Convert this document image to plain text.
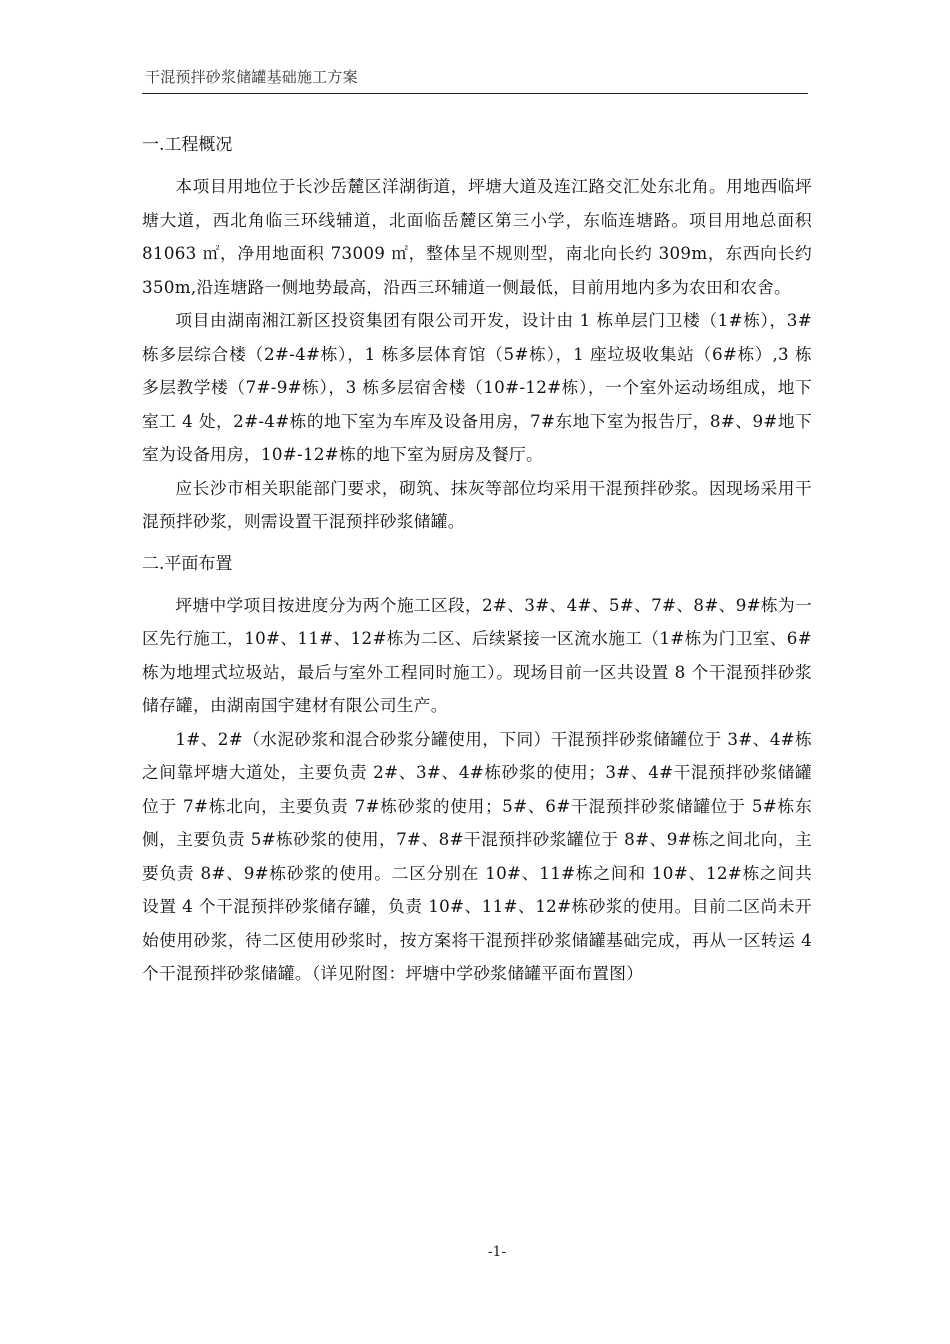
干混预拌砂浆储罐基础施工方案
一.工程概况

本项目用地位于长沙岳麓区洋湖街道，坪塘大道及连江路交汇处东北角。用地西临坪塘大道，西北角临三环线辅道，北面临岳麓区第三小学，东临连塘路。项目用地总面积 81063 ㎡，净用地面积 73009 ㎡，整体呈不规则型，南北向长约 309m，东西向长约 350m,沿连塘路一侧地势最高，沿西三环辅道一侧最低，目前用地内多为农田和农舍。

项目由湖南湘江新区投资集团有限公司开发，设计由 1 栋单层门卫楼（1#栋），3#栋多层综合楼（2#-4#栋），1 栋多层体育馆（5#栋），1 座垃圾收集站（6#栋）,3 栋多层教学楼（7#-9#栋），3 栋多层宿舍楼（10#-12#栋），一个室外运动场组成，地下室工 4 处，2#-4#栋的地下室为车库及设备用房，7#东地下室为报告厅，8#、9#地下室为设备用房，10#-12#栋的地下室为厨房及餐厅。

应长沙市相关职能部门要求，砌筑、抹灰等部位均采用干混预拌砂浆。因现场采用干混预拌砂浆，则需设置干混预拌砂浆储罐。

二.平面布置

坪塘中学项目按进度分为两个施工区段，2#、3#、4#、5#、7#、8#、9#栋为一区先行施工，10#、11#、12#栋为二区、后续紧接一区流水施工（1#栋为门卫室、6#栋为地埋式垃圾站，最后与室外工程同时施工）。现场目前一区共设置 8 个干混预拌砂浆储存罐，由湖南国宇建材有限公司生产。

1#、2#（水泥砂浆和混合砂浆分罐使用，下同）干混预拌砂浆储罐位于 3#、4#栋之间靠坪塘大道处，主要负责 2#、3#、4#栋砂浆的使用；3#、4#干混预拌砂浆储罐位于 7#栋北向，主要负责 7#栋砂浆的使用；5#、6#干混预拌砂浆储罐位于 5#栋东侧，主要负责 5#栋砂浆的使用，7#、8#干混预拌砂浆罐位于 8#、9#栋之间北向，主要负责 8#、9#栋砂浆的使用。二区分别在 10#、11#栋之间和 10#、12#栋之间共设置 4 个干混预拌砂浆储存罐，负责 10#、11#、12#栋砂浆的使用。目前二区尚未开始使用砂浆，待二区使用砂浆时，按方案将干混预拌砂浆储罐基础完成，再从一区转运 4 个干混预拌砂浆储罐。（详见附图：坪塘中学砂浆储罐平面布置图）

-1-
